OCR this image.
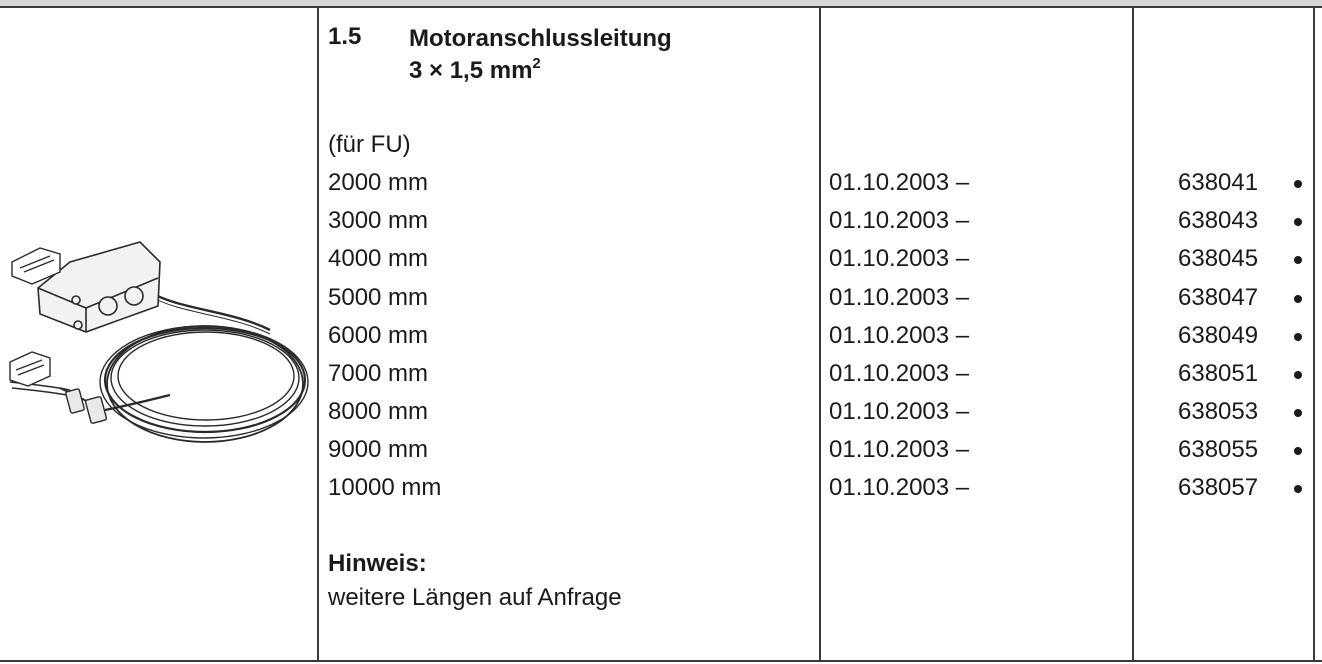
1.5 Motoranschlussleitung
3 × 1,5 $mm^2$
(für FU)
2000 mm	01.10.2003 –	638041
3000 mm	01.10.2003 –	638043
4000 mm	01.10.2003 –	638045
5000 mm	01.10.2003 –	638047
6000 mm	01.10.2003 –	638049
7000 mm	01.10.2003 –	638051
8000 mm	01.10.2003 –	638053
9000 mm	01.10.2003 –	638055
10000 mm	01.10.2003 –	638057
Hinweis:
weitere Längen auf Anfrage
